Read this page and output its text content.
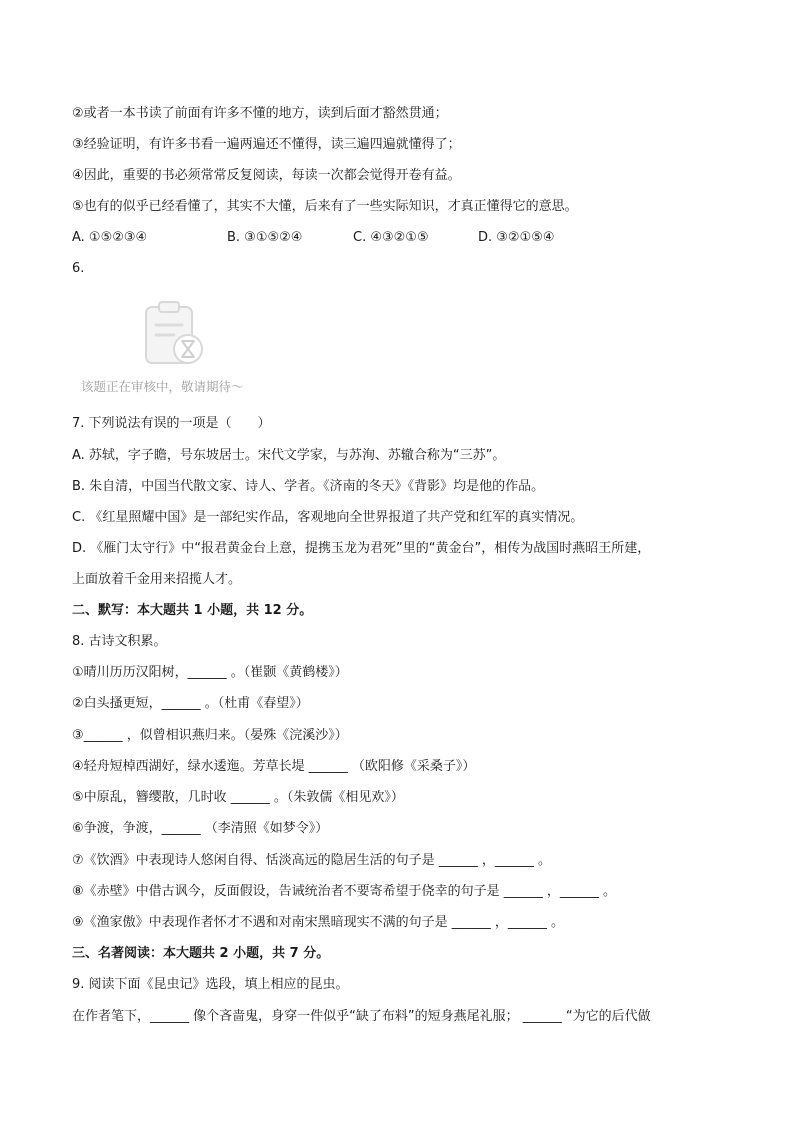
②或者一本书读了前面有许多不懂的地方，读到后面才豁然贯通；
③经验证明，有许多书看一遍两遍还不懂得，读三遍四遍就懂得了；
④因此，重要的书必须常常反复阅读，每读一次都会觉得开卷有益。
⑤也有的似乎已经看懂了，其实不大懂，后来有了一些实际知识，才真正懂得它的意思。
A. ①⑤②③④	B. ③①⑤②④	C. ④③②①⑤	D. ③②①⑤④
6.
该题正在审核中，敬请期待～
7. 下列说法有误的一项是（　　）
A. 苏轼，字子瞻，号东坡居士。宋代文学家，与苏洵、苏辙合称为“三苏”。
B. 朱自清，中国当代散文家、诗人、学者。《济南的冬天》《背影》均是他的作品。
C. 《红星照耀中国》是一部纪实作品，客观地向全世界报道了共产党和红军的真实情况。
D. 《雁门太守行》中“报君黄金台上意，提携玉龙为君死”里的“黄金台”，相传为战国时燕昭王所建，
上面放着千金用来招揽人才。
二、默写：本大题共 1 小题，共 12 分。
8. 古诗文积累。
①晴川历历汉阳树，______ 。（崔颢《黄鹤楼》）
②白头搔更短，______ 。（杜甫《春望》）
③______ ，似曾相识燕归来。（晏殊《浣溪沙》）
④轻舟短棹西湖好，绿水逶迤。芳草长堤 ______ （欧阳修《采桑子》）
⑤中原乱，簪缨散，几时收 ______ 。（朱敦儒《相见欢》）
⑥争渡，争渡，______ （李清照《如梦令》）
⑦《饮酒》中表现诗人悠闲自得、恬淡高远的隐居生活的句子是 ______ ，______ 。
⑧《赤壁》中借古讽今，反面假设，告诫统治者不要寄希望于侥幸的句子是 ______ ，______ 。
⑨《渔家傲》中表现作者怀才不遇和对南宋黑暗现实不满的句子是 ______ ，______ 。
三、名著阅读：本大题共 2 小题，共 7 分。
9. 阅读下面《昆虫记》选段，填上相应的昆虫。
在作者笔下，______ 像个吝啬鬼，身穿一件似乎“缺了布料”的短身燕尾礼服； ______ “为它的后代做
